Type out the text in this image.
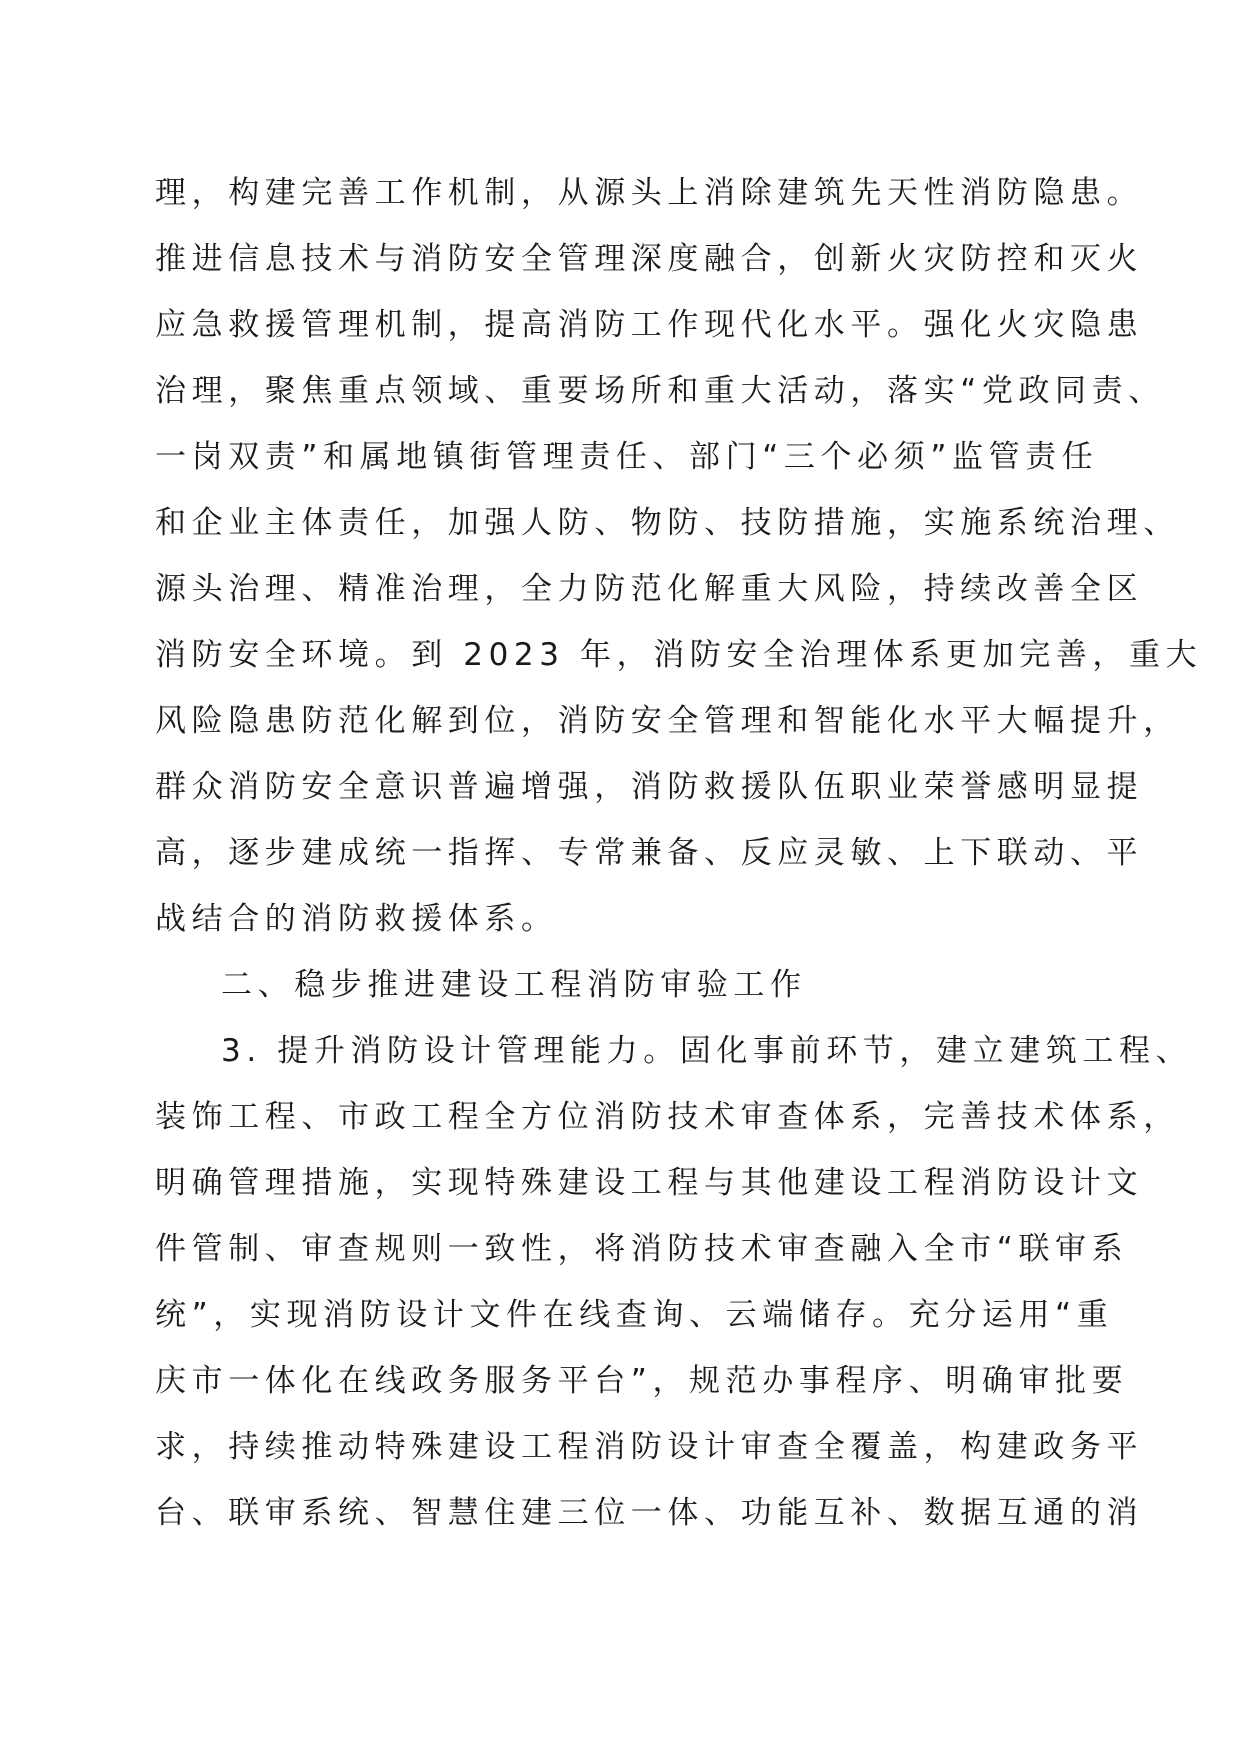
理，构建完善工作机制，从源头上消除建筑先天性消防隐患。
推进信息技术与消防安全管理深度融合，创新火灾防控和灭火
应急救援管理机制，提高消防工作现代化水平。强化火灾隐患
治理，聚焦重点领域、重要场所和重大活动，落实“党政同责、
一岗双责”和属地镇街管理责任、部门“三个必须”监管责任
和企业主体责任，加强人防、物防、技防措施，实施系统治理、
源头治理、精准治理，全力防范化解重大风险，持续改善全区
消防安全环境。到 2023 年，消防安全治理体系更加完善，重大
风险隐患防范化解到位，消防安全管理和智能化水平大幅提升，
群众消防安全意识普遍增强，消防救援队伍职业荣誉感明显提
高，逐步建成统一指挥、专常兼备、反应灵敏、上下联动、平
战结合的消防救援体系。
二、稳步推进建设工程消防审验工作
3. 提升消防设计管理能力。固化事前环节，建立建筑工程、
装饰工程、市政工程全方位消防技术审查体系，完善技术体系，
明确管理措施，实现特殊建设工程与其他建设工程消防设计文
件管制、审查规则一致性，将消防技术审查融入全市“联审系
统”，实现消防设计文件在线查询、云端储存。充分运用“重
庆市一体化在线政务服务平台”，规范办事程序、明确审批要
求，持续推动特殊建设工程消防设计审查全覆盖，构建政务平
台、联审系统、智慧住建三位一体、功能互补、数据互通的消
